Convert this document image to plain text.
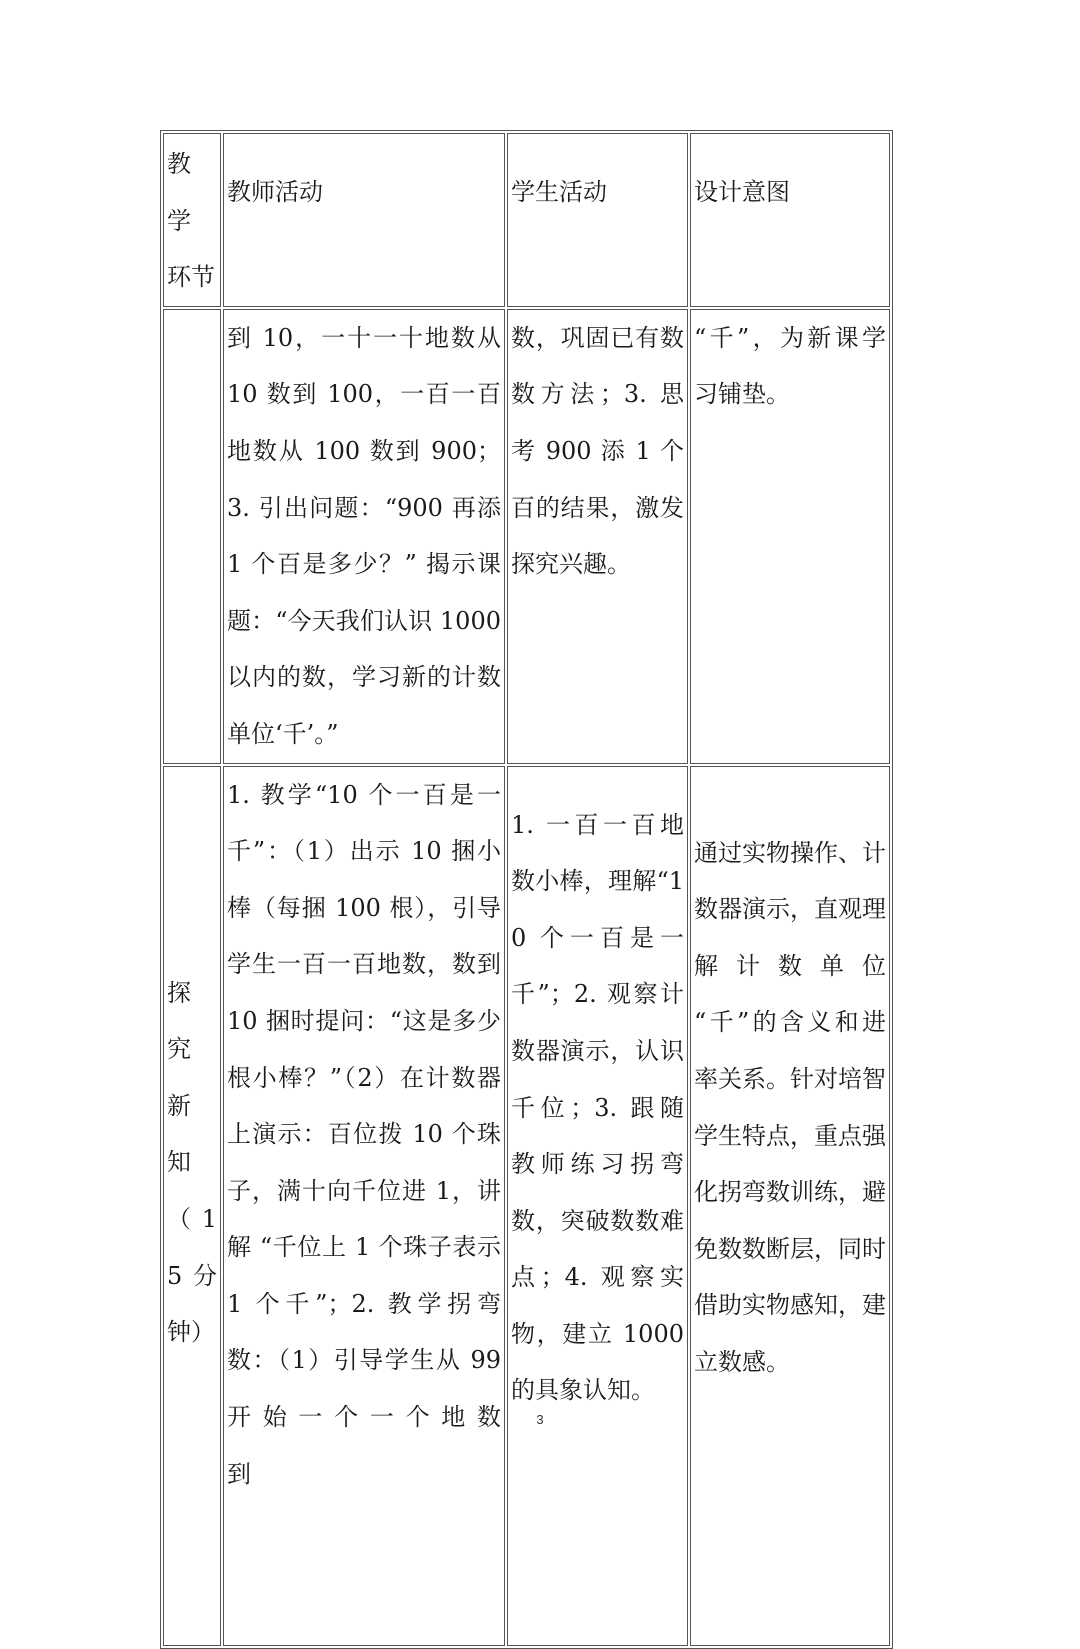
教 学 环节	教师活动	学生活动	设计意图
	到 10，一十一十地数从 10 数到 100，一百一百地数从 100 数到 900；3. 引出问题：“900 再添 1 个百是多少？” 揭示课题：“今天我们认识 1000 以内的数，学习新的计数单位‘千’。”	数，巩固已有数数方法；3. 思考 900 添 1 个百的结果，激发探究兴趣。	“千”，为新课学习铺垫。
探 究 新 知 （ 15 分钟）	1. 教学“10 个一百是一千”：（1）出示 10 捆小棒（每捆 100 根），引导学生一百一百地数，数到 10 捆时提问：“这是多少根小棒？”（2）在计数器上演示：百位拨 10 个珠子，满十向千位进 1，讲解 “千位上 1 个珠子表示 1 个千”；2. 教学拐弯数：（1）引导学生从 99 开 始 一 个 一 个 地 数 到	1. 一百一百地数小棒，理解“10 个一百是一千”；2. 观察计数器演示，认识千位；3. 跟随教师练习拐弯数，突破数数难点；4. 观察实物，建立 1000 的具象认知。	通过实物操作、计数器演示，直观理解计数单位 “千”的含义和进率关系。针对培智学生特点，重点强化拐弯数训练，避免数数断层，同时借助实物感知，建立数感。
3
